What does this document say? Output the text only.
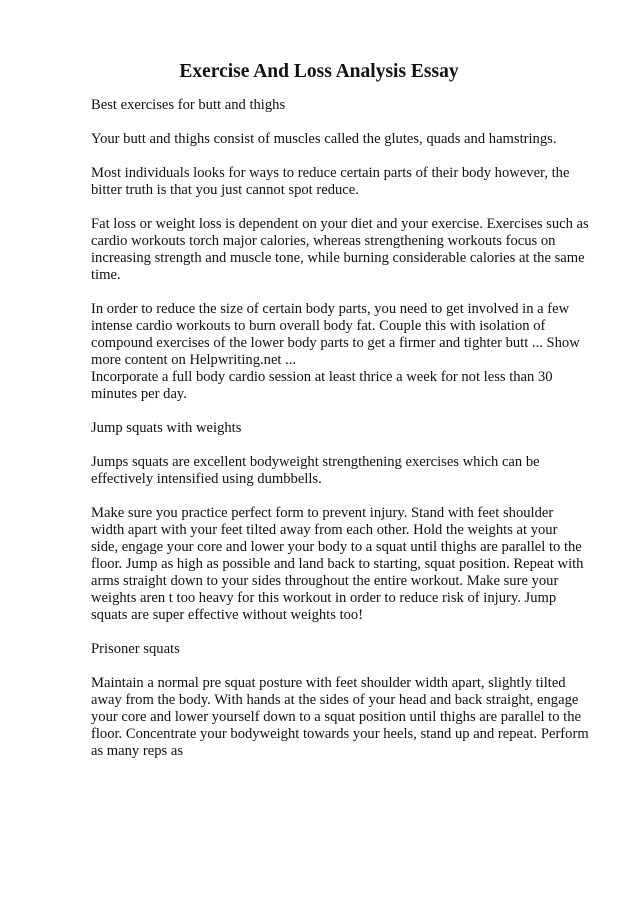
Exercise And Loss Analysis Essay

Best exercises for butt and thighs

Your butt and thighs consist of muscles called the glutes, quads and hamstrings.

Most individuals looks for ways to reduce certain parts of their body however, the
bitter truth is that you just cannot spot reduce.

Fat loss or weight loss is dependent on your diet and your exercise. Exercises such as
cardio workouts torch major calories, whereas strengthening workouts focus on
increasing strength and muscle tone, while burning considerable calories at the same
time.

In order to reduce the size of certain body parts, you need to get involved in a few
intense cardio workouts to burn overall body fat. Couple this with isolation of
compound exercises of the lower body parts to get a firmer and tighter butt ... Show
more content on Helpwriting.net ...
Incorporate a full body cardio session at least thrice a week for not less than 30
minutes per day.

Jump squats with weights

Jumps squats are excellent bodyweight strengthening exercises which can be
effectively intensified using dumbbells.

Make sure you practice perfect form to prevent injury. Stand with feet shoulder
width apart with your feet tilted away from each other. Hold the weights at your
side, engage your core and lower your body to a squat until thighs are parallel to the
floor. Jump as high as possible and land back to starting, squat position. Repeat with
arms straight down to your sides throughout the entire workout. Make sure your
weights aren t too heavy for this workout in order to reduce risk of injury. Jump
squats are super effective without weights too!

Prisoner squats

Maintain a normal pre squat posture with feet shoulder width apart, slightly tilted
away from the body. With hands at the sides of your head and back straight, engage
your core and lower yourself down to a squat position until thighs are parallel to the
floor. Concentrate your bodyweight towards your heels, stand up and repeat. Perform
as many reps as
